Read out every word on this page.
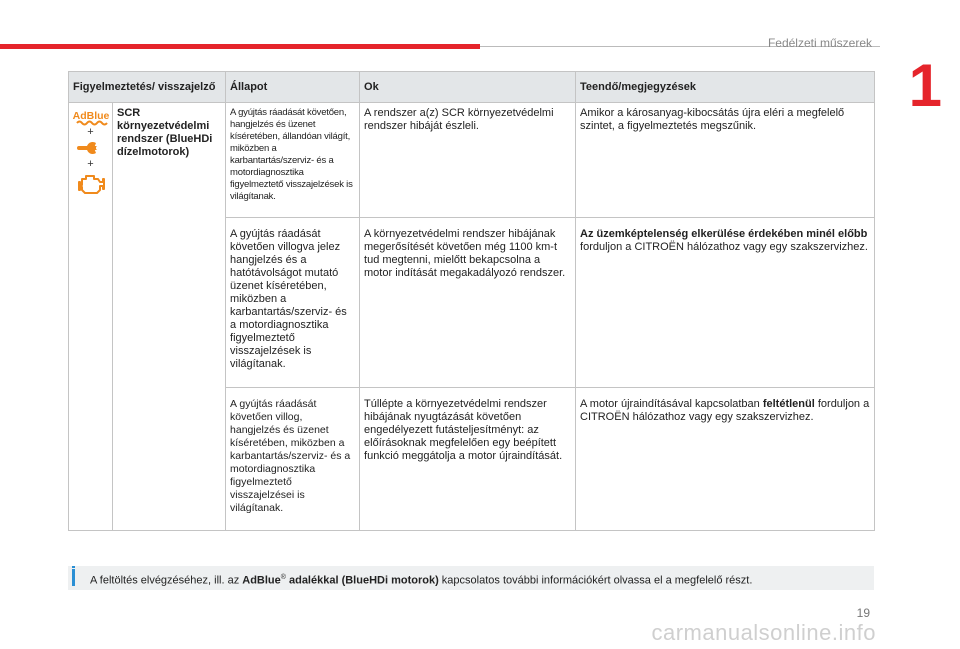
Fedélzeti műszerek
1
Figyelmeztetés/ visszajelző		Állapot	Ok	Teendő/megjegyzések

AdBlue
+
+	SCR környezetvédelmi rendszer (BlueHDi dízelmotorok)	A gyújtás ráadását követően, hangjelzés és üzenet kíséretében, állandóan világít, miközben a karbantartás/szerviz- és a motordiagnosztika figyelmeztető visszajelzések is világítanak.	A rendszer a(z) SCR környezetvédelmi rendszer hibáját észleli.	Amikor a károsanyag-kibocsátás újra eléri a megfelelő szintet, a figyelmeztetés megszűnik.

		A gyújtás ráadását követően villogva jelez hangjelzés és a hatótávolságot mutató üzenet kíséretében, miközben a karbantartás/szerviz- és a motordiagnosztika figyelmeztető visszajelzések is világítanak.	A környezetvédelmi rendszer hibájának megerősítését követően még 1100 km-t tud megtenni, mielőtt bekapcsolna a motor indítását megakadályozó rendszer.	Az üzemképtelenség elkerülése érdekében minél előbb forduljon a CITROËN hálózathoz vagy egy szakszervizhez.

		A gyújtás ráadását követően villog, hangjelzés és üzenet kíséretében, miközben a karbantartás/szerviz- és a motordiagnosztika figyelmeztető visszajelzései is világítanak.	Túllépte a környezetvédelmi rendszer hibájának nyugtázását követően engedélyezett futásteljesítményt: az előírásoknak megfelelően egy beépített funkció meggátolja a motor újraindítását.	A motor újraindításával kapcsolatban feltétlenül forduljon a CITROËN hálózathoz vagy egy szakszervizhez.
A feltöltés elvégzéséhez, ill. az AdBlue® adalékkal (BlueHDi motorok) kapcsolatos további információkért olvassa el a megfelelő részt.
19
carmanualsonline.info
